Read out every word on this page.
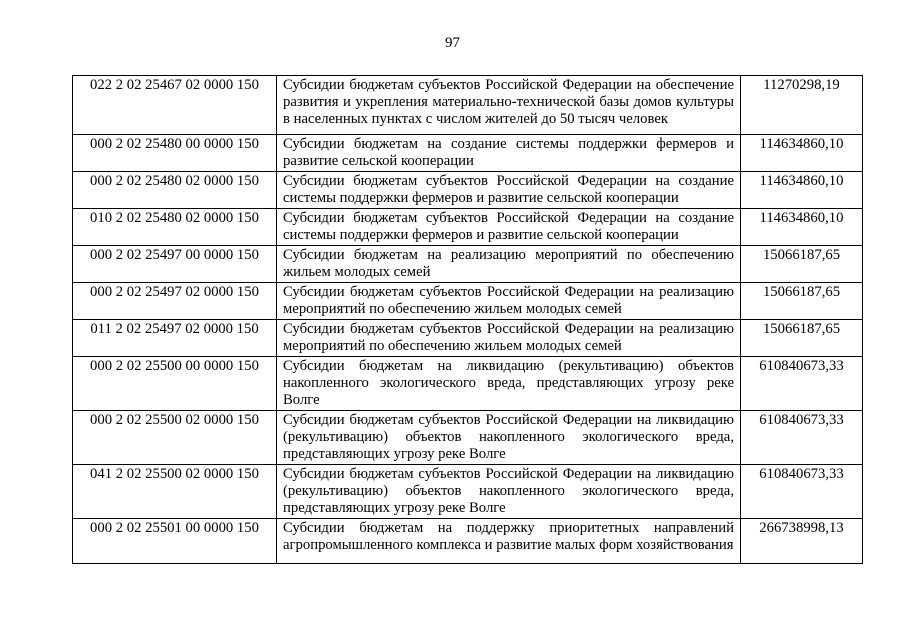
97
022 2 02 25467 02 0000 150	Субсидии бюджетам субъектов Российской Федерации на обеспечение развития и укрепления материально-технической базы домов культуры в населенных пунктах с числом жителей до 50 тысяч человек	11270298,19
000 2 02 25480 00 0000 150	Субсидии бюджетам на создание системы поддержки фермеров и развитие сельской кооперации	114634860,10
000 2 02 25480 02 0000 150	Субсидии бюджетам субъектов Российской Федерации на создание системы поддержки фермеров и развитие сельской кооперации	114634860,10
010 2 02 25480 02 0000 150	Субсидии бюджетам субъектов Российской Федерации на создание системы поддержки фермеров и развитие сельской кооперации	114634860,10
000 2 02 25497 00 0000 150	Субсидии бюджетам на реализацию мероприятий по обеспечению жильем молодых семей	15066187,65
000 2 02 25497 02 0000 150	Субсидии бюджетам субъектов Российской Федерации на реализацию мероприятий по обеспечению жильем молодых семей	15066187,65
011 2 02 25497 02 0000 150	Субсидии бюджетам субъектов Российской Федерации на реализацию мероприятий по обеспечению жильем молодых семей	15066187,65
000 2 02 25500 00 0000 150	Субсидии бюджетам на ликвидацию (рекультивацию) объектов накопленного экологического вреда, представляющих угрозу реке Волге	610840673,33
000 2 02 25500 02 0000 150	Субсидии бюджетам субъектов Российской Федерации на ликвидацию (рекультивацию) объектов накопленного экологического вреда, представляющих угрозу реке Волге	610840673,33
041 2 02 25500 02 0000 150	Субсидии бюджетам субъектов Российской Федерации на ликвидацию (рекультивацию) объектов накопленного экологического вреда, представляющих угрозу реке Волге	610840673,33
000 2 02 25501 00 0000 150	Субсидии бюджетам на поддержку приоритетных направлений агропромышленного комплекса и развитие малых форм хозяйствования	266738998,13
